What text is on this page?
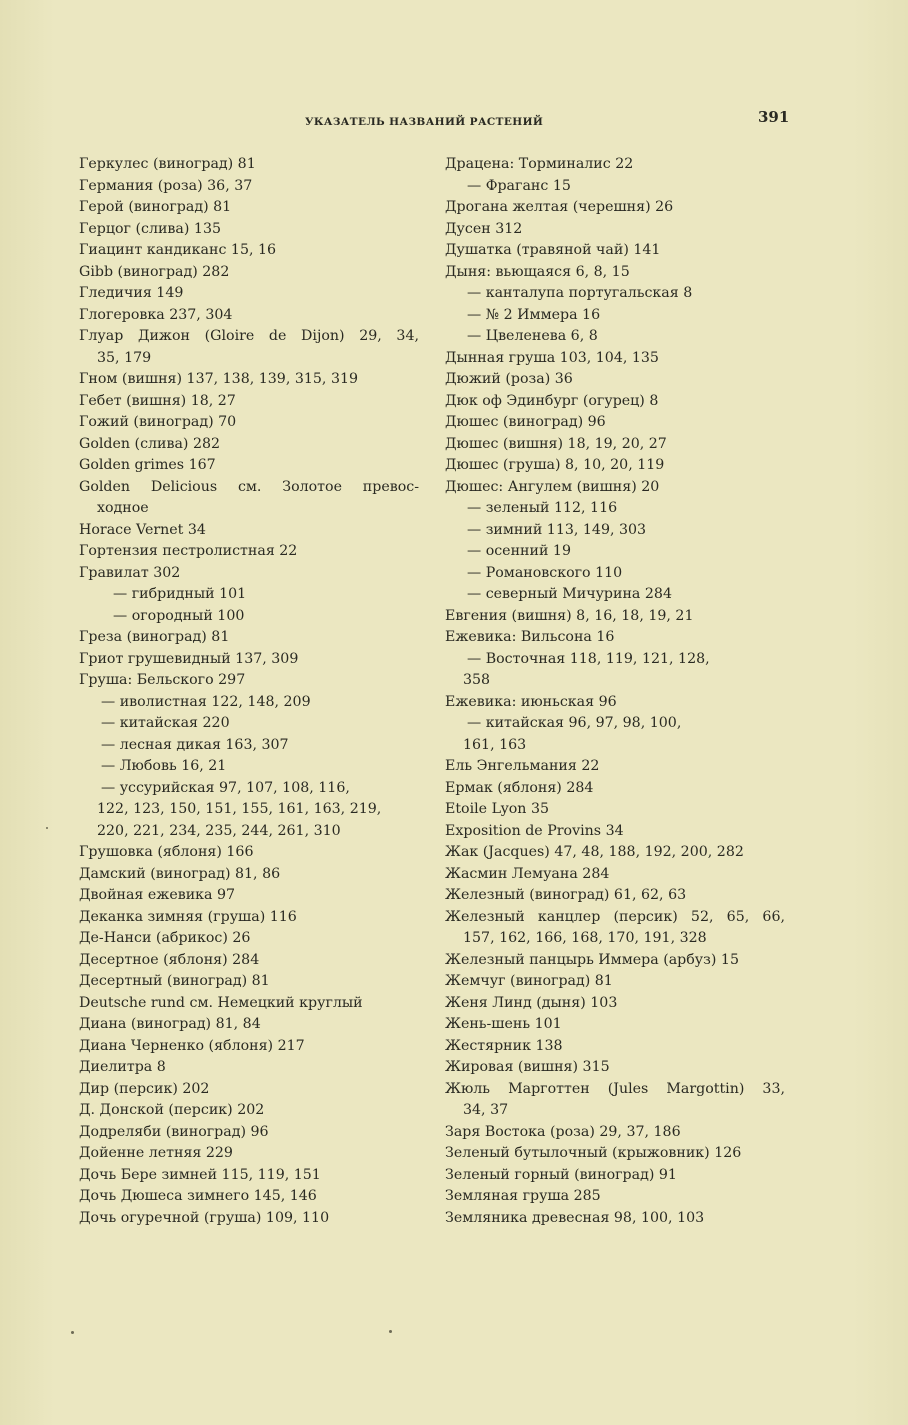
УКАЗАТЕЛЬ НАЗВАНИЙ РАСТЕНИЙ	391
Геркулес (виноград) 81
Германия (роза) 36, 37
Герой (виноград) 81
Герцог (слива) 135
Гиацинт кандиканс 15, 16
Gibb (виноград) 282
Гледичия 149
Глогеровка 237, 304
Глуар Дижон (Gloire de Dijon) 29, 34,
35, 179
Гном (вишня) 137, 138, 139, 315, 319
Гебет (вишня) 18, 27
Гожий (виноград) 70
Golden (слива) 282
Golden grimes 167
Golden Delicious см. Золотое превос-
ходное
Horace Vernet 34
Гортензия пестролистная 22
Гравилат 302
— гибридный 101
— огородный 100
Греза (виноград) 81
Гриот грушевидный 137, 309
Груша: Бельского 297
— иволистная 122, 148, 209
— китайская 220
— лесная дикая 163, 307
— Любовь 16, 21
— уссурийская 97, 107, 108, 116,
122, 123, 150, 151, 155, 161, 163, 219,
220, 221, 234, 235, 244, 261, 310
Грушовка (яблоня) 166
Дамский (виноград) 81, 86
Двойная ежевика 97
Деканка зимняя (груша) 116
Де-Нанси (абрикос) 26
Десертное (яблоня) 284
Десертный (виноград) 81
Deutsche rund см. Немецкий круглый
Диана (виноград) 81, 84
Диана Черненко (яблоня) 217
Диелитра 8
Дир (персик) 202
Д. Донской (персик) 202
Додреляби (виноград) 96
Дойенне летняя 229
Дочь Бере зимней 115, 119, 151
Дочь Дюшеса зимнего 145, 146
Дочь огуречной (груша) 109, 110
Драцена: Торминалис 22
— Фраганс 15
Дрогана желтая (черешня) 26
Дусен 312
Душатка (травяной чай) 141
Дыня: вьющаяся 6, 8, 15
— канталупа португальская 8
— № 2 Иммера 16
— Цвеленева 6, 8
Дынная груша 103, 104, 135
Дюжий (роза) 36
Дюк оф Эдинбург (огурец) 8
Дюшес (виноград) 96
Дюшес (вишня) 18, 19, 20, 27
Дюшес (груша) 8, 10, 20, 119
Дюшес: Ангулем (вишня) 20
— зеленый 112, 116
— зимний 113, 149, 303
— осенний 19
— Романовского 110
— северный Мичурина 284
Евгения (вишня) 8, 16, 18, 19, 21
Ежевика: Вильсона 16
— Восточная 118, 119, 121, 128,
358
Ежевика: июньская 96
— китайская 96, 97, 98, 100,
161, 163
Ель Энгельмания 22
Ермак (яблоня) 284
Etoile Lyon 35
Exposition de Provins 34
Жак (Jacques) 47, 48, 188, 192, 200, 282
Жасмин Лемуана 284
Железный (виноград) 61, 62, 63
Железный канцлер (персик) 52, 65, 66,
157, 162, 166, 168, 170, 191, 328
Железный панцырь Иммера (арбуз) 15
Жемчуг (виноград) 81
Женя Линд (дыня) 103
Жень-шень 101
Жестярник 138
Жировая (вишня) 315
Жюль Марготтен (Jules Margottin) 33,
34, 37
Заря Востока (роза) 29, 37, 186
Зеленый бутылочный (крыжовник) 126
Зеленый горный (виноград) 91
Земляная груша 285
Земляника древесная 98, 100, 103
